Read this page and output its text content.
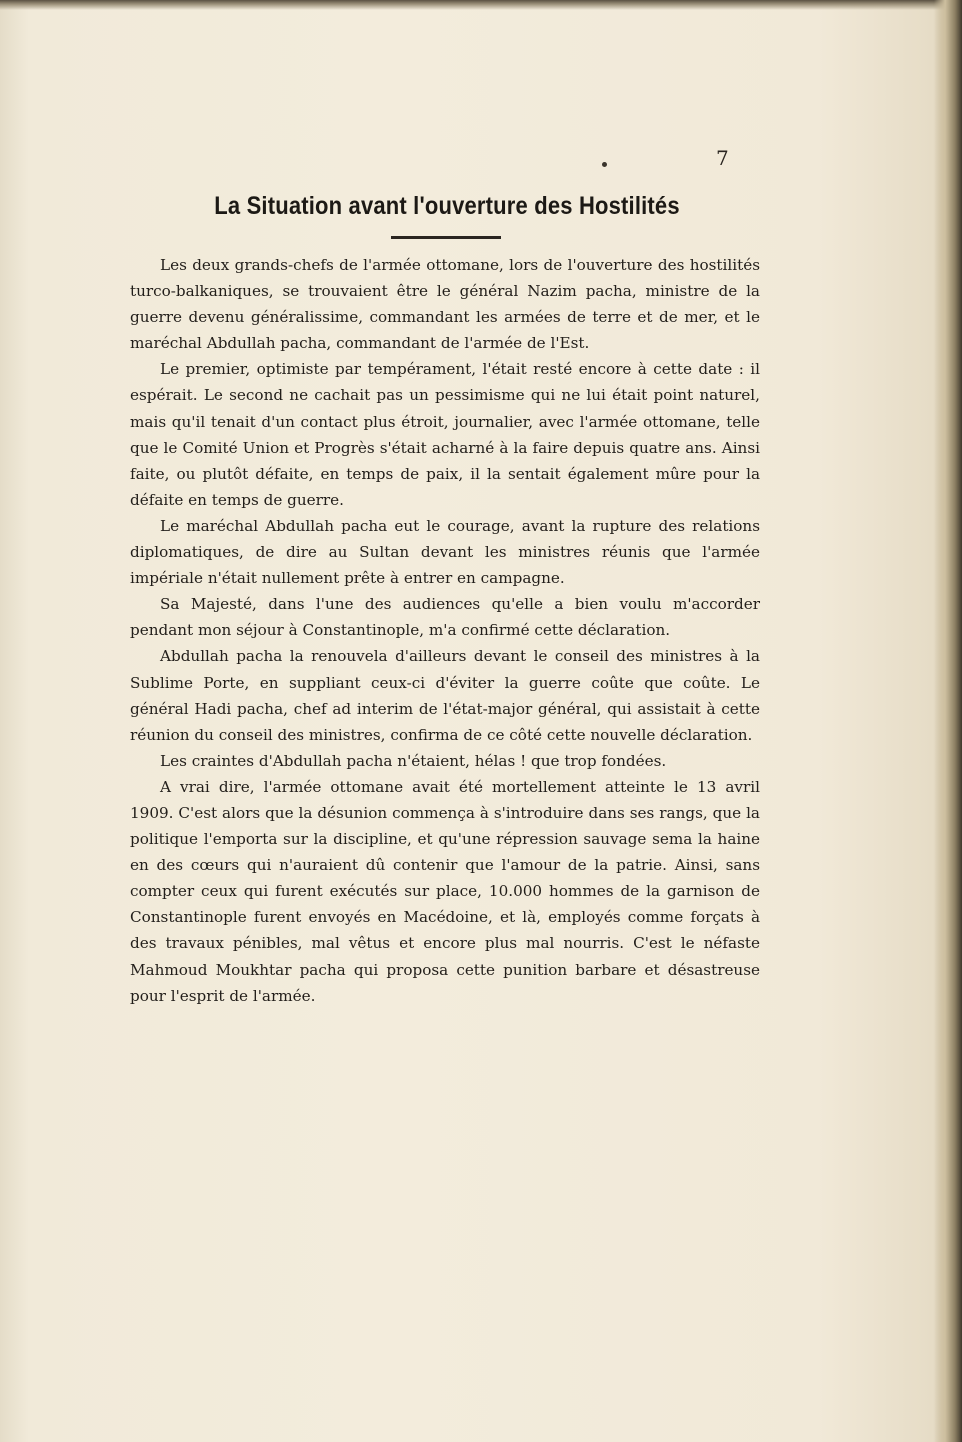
7
La Situation avant l'ouverture des Hostilités

Les deux grands-chefs de l'armée ottomane, lors de l'ouverture des hostilités turco-balkaniques, se trouvaient être le général Nazim pacha, ministre de la guerre devenu généralissime, commandant les armées de terre et de mer, et le maréchal Abdullah pacha, commandant de l'armée de l'Est.

Le premier, optimiste par tempérament, l'était resté encore à cette date : il espérait. Le second ne cachait pas un pessimisme qui ne lui était point naturel, mais qu'il tenait d'un contact plus étroit, journalier, avec l'armée ottomane, telle que le Comité Union et Progrès s'était acharné à la faire depuis quatre ans. Ainsi faite, ou plutôt défaite, en temps de paix, il la sentait également mûre pour la défaite en temps de guerre.

Le maréchal Abdullah pacha eut le courage, avant la rupture des relations diplomatiques, de dire au Sultan devant les ministres réunis que l'armée impériale n'était nullement prête à entrer en campagne.

Sa Majesté, dans l'une des audiences qu'elle a bien voulu m'accorder pendant mon séjour à Constantinople, m'a confirmé cette déclaration.

Abdullah pacha la renouvela d'ailleurs devant le conseil des ministres à la Sublime Porte, en suppliant ceux-ci d'éviter la guerre coûte que coûte. Le général Hadi pacha, chef ad interim de l'état-major général, qui assistait à cette réunion du conseil des ministres, confirma de ce côté cette nouvelle déclaration.

Les craintes d'Abdullah pacha n'étaient, hélas ! que trop fondées.

A vrai dire, l'armée ottomane avait été mortellement atteinte le 13 avril 1909. C'est alors que la désunion commença à s'introduire dans ses rangs, que la politique l'emporta sur la discipline, et qu'une répression sauvage sema la haine en des cœurs qui n'auraient dû contenir que l'amour de la patrie. Ainsi, sans compter ceux qui furent exécutés sur place, 10.000 hommes de la garnison de Constantinople furent envoyés en Macédoine, et là, employés comme forçats à des travaux pénibles, mal vêtus et encore plus mal nourris. C'est le néfaste Mahmoud Moukhtar pacha qui proposa cette punition barbare et désastreuse pour l'esprit de l'armée.
